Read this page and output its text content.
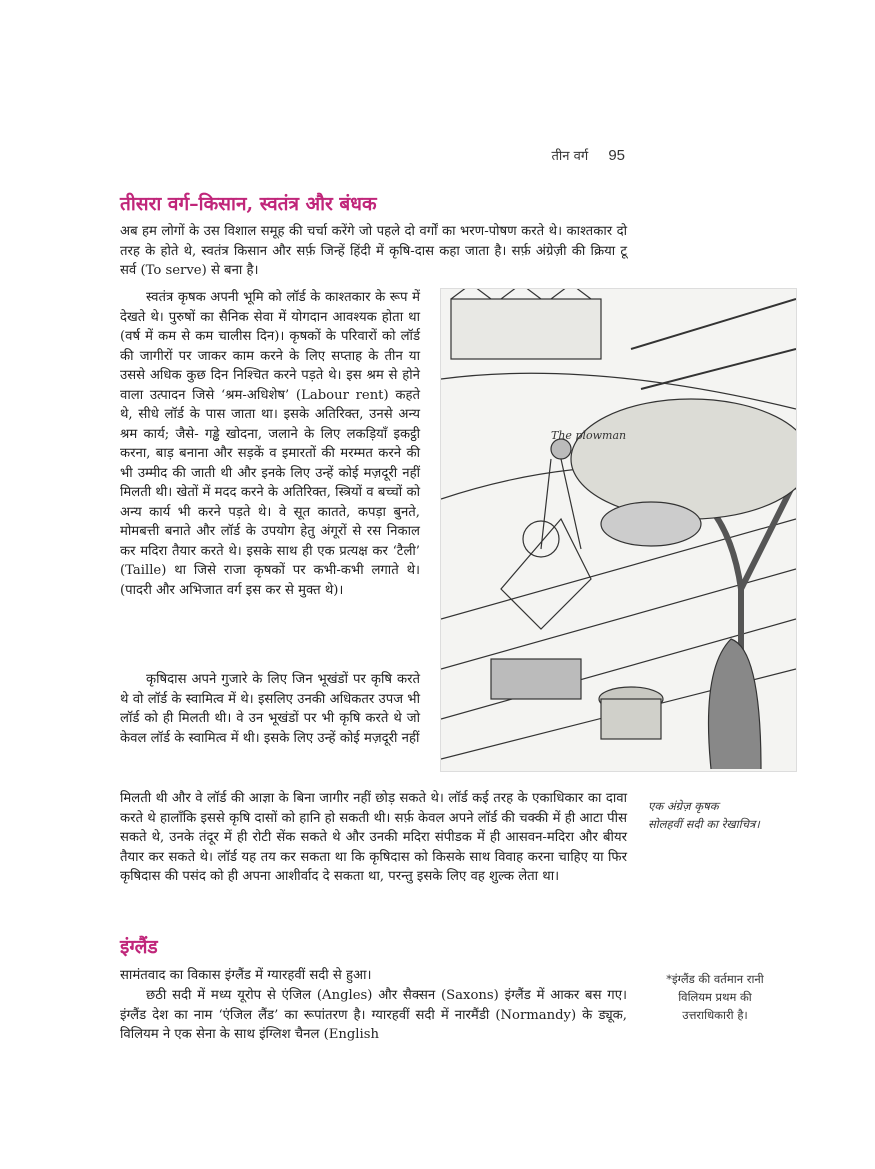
तीन वर्ग 95
तीसरा वर्ग–किसान, स्वतंत्र और बंधक

अब हम लोगों के उस विशाल समूह की चर्चा करेंगे जो पहले दो वर्गों का भरण-पोषण करते थे। काश्तकार दो तरह के होते थे, स्वतंत्र किसान और सर्फ़ जिन्हें हिंदी में कृषि-दास कहा जाता है। सर्फ़ अंग्रेज़ी की क्रिया टू सर्व (To serve) से बना है।

स्वतंत्र कृषक अपनी भूमि को लॉर्ड के काश्तकार के रूप में देखते थे। पुरुषों का सैनिक सेवा में योगदान आवश्यक होता था (वर्ष में कम से कम चालीस दिन)। कृषकों के परिवारों को लॉर्ड की जागीरों पर जाकर काम करने के लिए सप्ताह के तीन या उससे अधिक कुछ दिन निश्चित करने पड़ते थे। इस श्रम से होने वाला उत्पादन जिसे ‘श्रम-अधिशेष’ (Labour rent) कहते थे, सीधे लॉर्ड के पास जाता था। इसके अतिरिक्त, उनसे अन्य श्रम कार्य; जैसे- गड्ढे खोदना, जलाने के लिए लकड़ियाँ इकट्ठी करना, बाड़ बनाना और सड़कें व इमारतों की मरम्मत करने की भी उम्मीद की जाती थी और इनके लिए उन्हें कोई मज़दूरी नहीं मिलती थी। खेतों में मदद करने के अतिरिक्त, स्त्रियों व बच्चों को अन्य कार्य भी करने पड़ते थे। वे सूत कातते, कपड़ा बुनते, मोमबत्ती बनाते और लॉर्ड के उपयोग हेतु अंगूरों से रस निकाल कर मदिरा तैयार करते थे। इसके साथ ही एक प्रत्यक्ष कर ‘टैली’ (Taille) था जिसे राजा कृषकों पर कभी-कभी लगाते थे। (पादरी और अभिजात वर्ग इस कर से मुक्त थे)।

कृषिदास अपने गुजारे के लिए जिन भूखंडों पर कृषि करते थे वो लॉर्ड के स्वामित्व में थे। इसलिए उनकी अधिकतर उपज भी लॉर्ड को ही मिलती थी। वे उन भूखंडों पर भी कृषि करते थे जो केवल लॉर्ड के स्वामित्व में थी। इसके लिए उन्हें कोई मज़दूरी नहीं

मिलती थी और वे लॉर्ड की आज्ञा के बिना जागीर नहीं छोड़ सकते थे। लॉर्ड कई तरह के एकाधिकार का दावा करते थे हालाँकि इससे कृषि दासों को हानि हो सकती थी। सर्फ़ केवल अपने लॉर्ड की चक्की में ही आटा पीस सकते थे, उनके तंदूर में ही रोटी सेंक सकते थे और उनकी मदिरा संपीडक में ही आसवन-मदिरा और बीयर तैयार कर सकते थे। लॉर्ड यह तय कर सकता था कि कृषिदास को किसके साथ विवाह करना चाहिए या फिर कृषिदास की पसंद को ही अपना आशीर्वाद दे सकता था, परन्तु इसके लिए वह शुल्क लेता था।

The plowman
एक अंग्रेज़ कृषक
सोलहवीं सदी का रेखाचित्र।
इंग्लैंड

सामंतवाद का विकास इंग्लैंड में ग्यारहवीं सदी से हुआ।

छठी सदी में मध्य यूरोप से एंजिल (Angles) और सैक्सन (Saxons) इंग्लैंड में आकर बस गए। इंग्लैंड देश का नाम ‘एंजिल लैंड’ का रूपांतरण है। ग्यारहवीं सदी में नारमैंडी (Normandy) के ड्यूक, विलियम ने एक सेना के साथ इंग्लिश चैनल (English

*इंग्लैंड की वर्तमान रानी
विलियम प्रथम की
उत्तराधिकारी है।
